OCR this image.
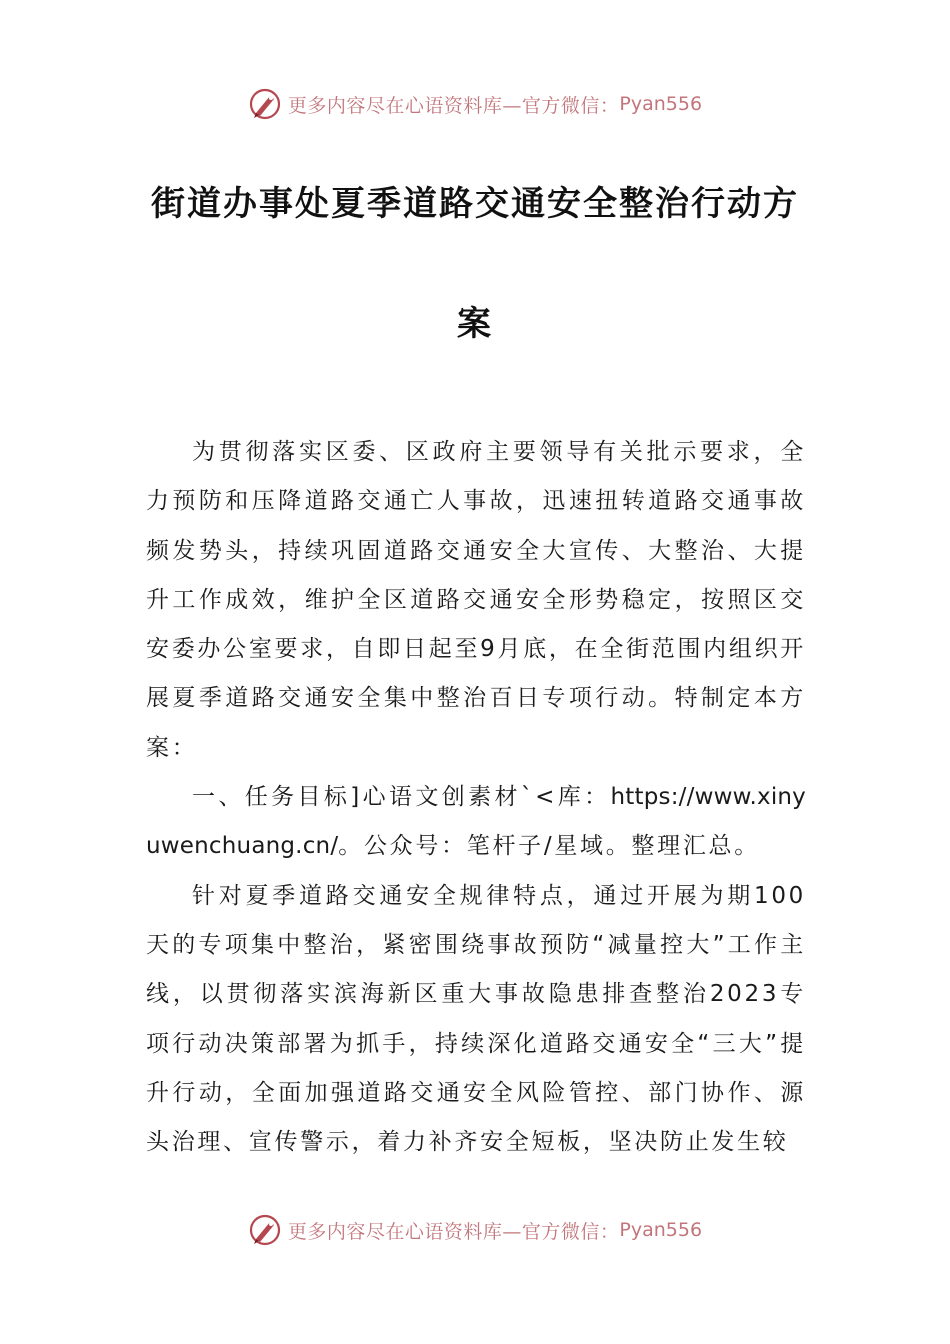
更多内容尽在心语资料库—官方微信： Pyan556
街道办事处夏季道路交通安全整治行动方
案

为贯彻落实区委、区政府主要领导有关批示要求，全力预防和压降道路交通亡人事故，迅速扭转道路交通事故频发势头，持续巩固道路交通安全大宣传、大整治、大提升工作成效，维护全区道路交通安全形势稳定，按照区交安委办公室要求，自即日起至9月底，在全街范围内组织开展夏季道路交通安全集中整治百日专项行动。特制定本方案：

一、任务目标]心语文创素材`<库：https://www.xinyuwenchuang.cn/。公众号：笔杆子/星域。整理汇总。

针对夏季道路交通安全规律特点，通过开展为期100天的专项集中整治，紧密围绕事故预防“减量控大”工作主线，以贯彻落实滨海新区重大事故隐患排查整治2023专项行动决策部署为抓手，持续深化道路交通安全“三大”提升行动，全面加强道路交通安全风险管控、部门协作、源头治理、宣传警示，着力补齐安全短板，坚决防止发生较

更多内容尽在心语资料库—官方微信： Pyan556
